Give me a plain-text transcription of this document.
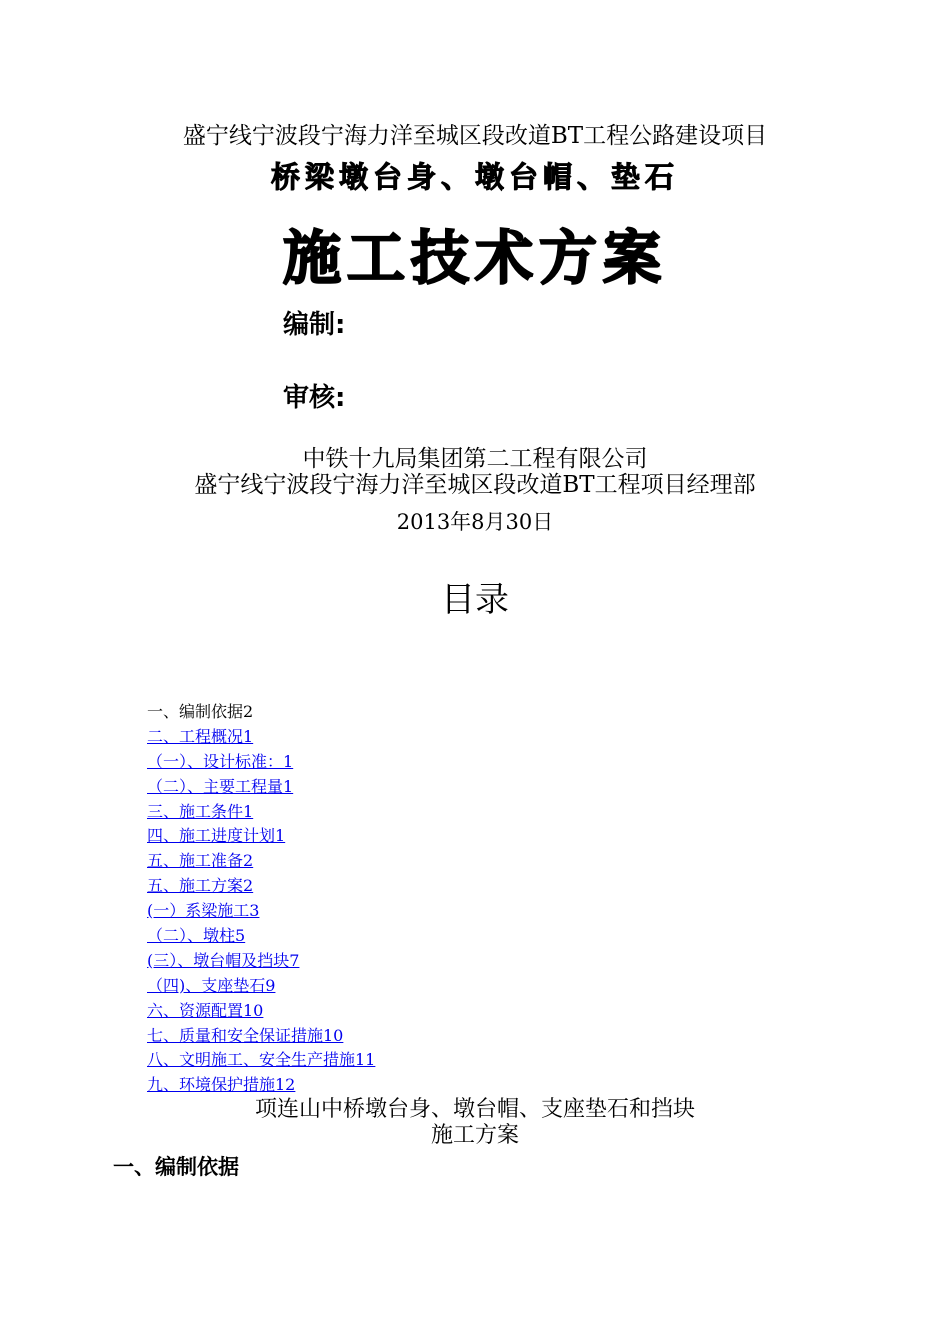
盛宁线宁波段宁海力洋至城区段改道BT工程公路建设项目
桥梁墩台身、墩台帽、垫石
施工技术方案
编制:
审核:
中铁十九局集团第二工程有限公司
盛宁线宁波段宁海力洋至城区段改道BT工程项目经理部
2013年8月30日
目录
一、编制依据2
二、工程概况1
（一）、设计标准：1
（二）、主要工程量1
三、施工条件1
四、施工进度计划1
五、施工准备2
五、施工方案2
(一）系梁施工3
（二）、墩柱5
(三）、墩台帽及挡块7
（四)、支座垫石9
六、资源配置10
七、质量和安全保证措施10
八、文明施工、安全生产措施11
九、环境保护措施12
项连山中桥墩台身、墩台帽、支座垫石和挡块
施工方案
一、编制依据
